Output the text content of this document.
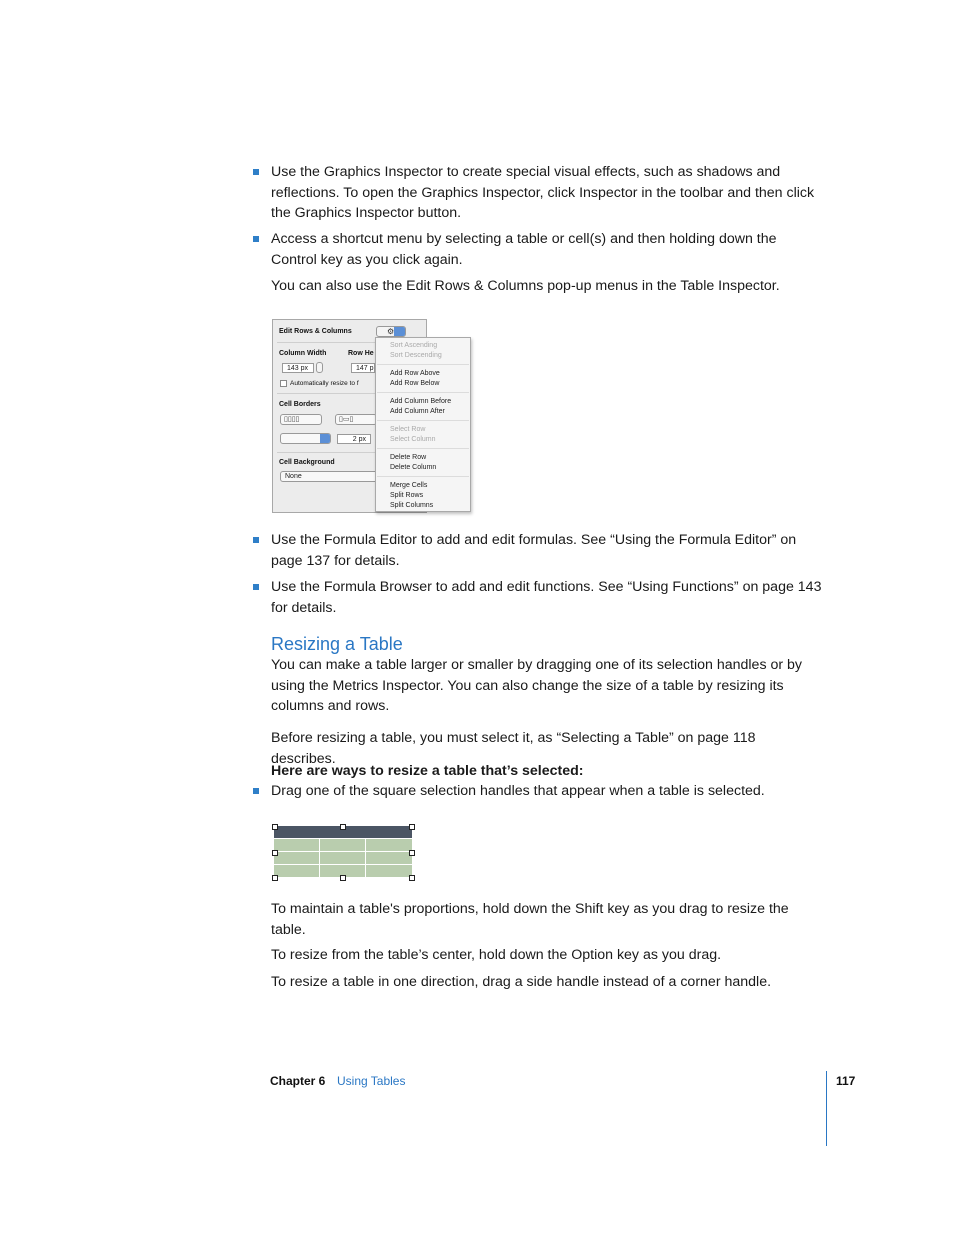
Use the Graphics Inspector to create special visual effects, such as shadows and reflections. To open the Graphics Inspector, click Inspector in the toolbar and then click the Graphics Inspector button.

Access a shortcut menu by selecting a table or cell(s) and then holding down the Control key as you click again.

You can also use the Edit Rows & Columns pop-up menus in the Table Inspector.

Edit Rows & Columns	⚙
Column Width	Row He
143 px	147 p
Automatically resize to f
Cell Borders
▯▯▯▯	▯▭▯
2 px
Cell Background
None
Sort Ascending
Sort Descending
Add Row Above
Add Row Below
Add Column Before
Add Column After
Select Row
Select Column
Delete Row
Delete Column
Merge Cells
Split Rows
Split Columns

Use the Formula Editor to add and edit formulas. See “Using the Formula Editor” on page 137 for details.

Use the Formula Browser to add and edit functions. See “Using Functions” on page 143 for details.

Resizing a Table

You can make a table larger or smaller by dragging one of its selection handles or by using the Metrics Inspector. You can also change the size of a table by resizing its columns and rows.

Before resizing a table, you must select it, as “Selecting a Table” on page 118 describes.

Here are ways to resize a table that’s selected:

Drag one of the square selection handles that appear when a table is selected.

To maintain a table's proportions, hold down the Shift key as you drag to resize the table.

To resize from the table’s center, hold down the Option key as you drag.

To resize a table in one direction, drag a side handle instead of a corner handle.

Chapter 6 Using Tables	117
